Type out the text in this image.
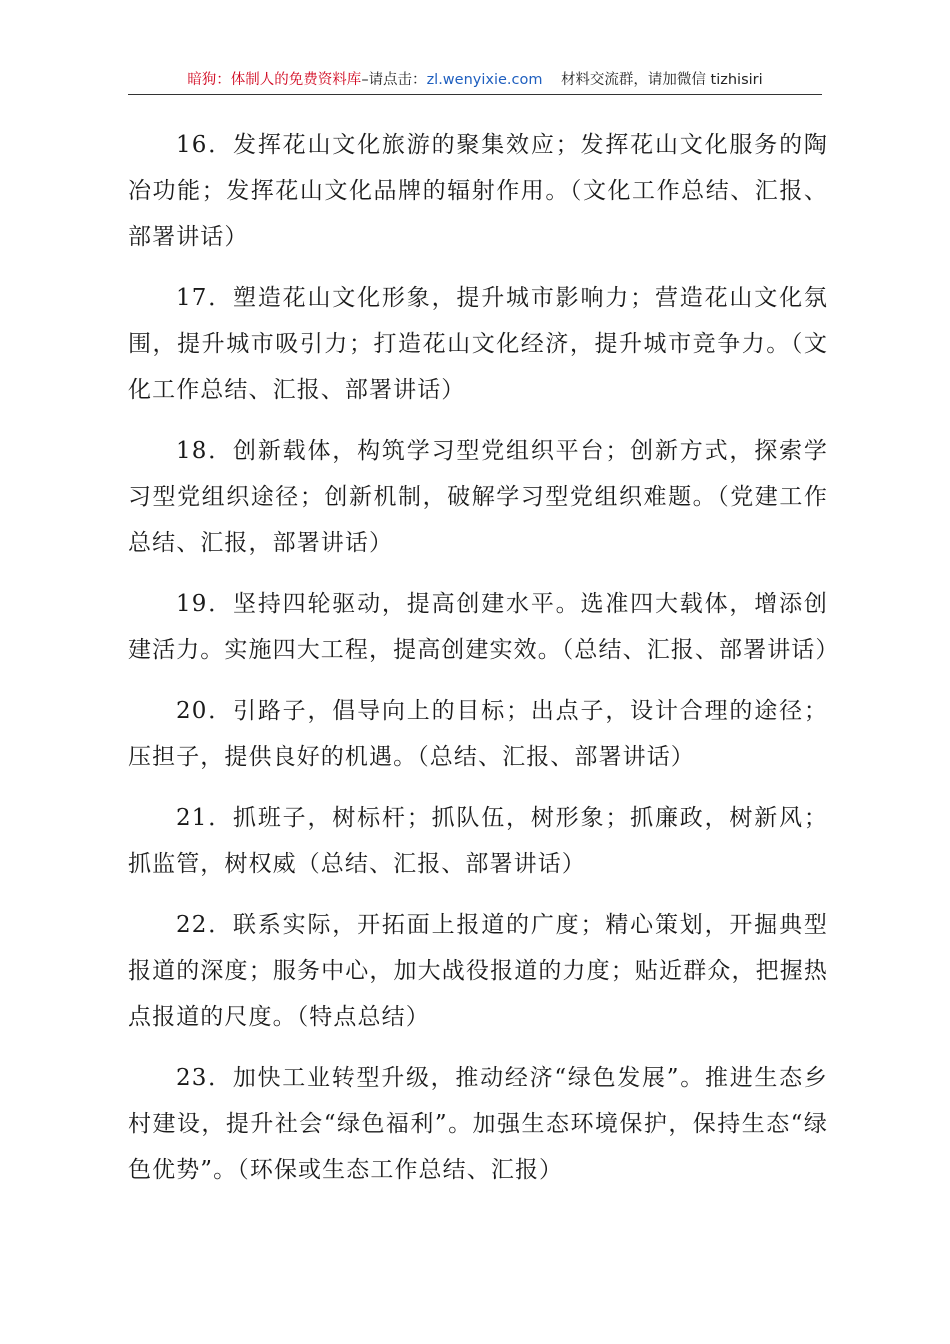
暗狗：体制人的免费资料库–请点击：zl.wenyixie.com 材料交流群，请加微信 tizhisiri

16．发挥花山文化旅游的聚集效应；发挥花山文化服务的陶冶功能；发挥花山文化品牌的辐射作用。（文化工作总结、汇报、部署讲话）

17．塑造花山文化形象，提升城市影响力；营造花山文化氛围，提升城市吸引力；打造花山文化经济，提升城市竞争力。（文化工作总结、汇报、部署讲话）

18．创新载体，构筑学习型党组织平台；创新方式，探索学习型党组织途径；创新机制，破解学习型党组织难题。（党建工作总结、汇报，部署讲话）

19．坚持四轮驱动，提高创建水平。选准四大载体，增添创建活力。实施四大工程，提高创建实效。（总结、汇报、部署讲话）

20．引路子，倡导向上的目标；出点子，设计合理的途径；压担子，提供良好的机遇。（总结、汇报、部署讲话）

21．抓班子，树标杆；抓队伍，树形象；抓廉政，树新风；抓监管，树权威（总结、汇报、部署讲话）

22．联系实际，开拓面上报道的广度；精心策划，开掘典型报道的深度；服务中心，加大战役报道的力度；贴近群众，把握热点报道的尺度。（特点总结）

23．加快工业转型升级，推动经济“绿色发展”。推进生态乡村建设，提升社会“绿色福利”。加强生态环境保护，保持生态“绿色优势”。（环保或生态工作总结、汇报）
